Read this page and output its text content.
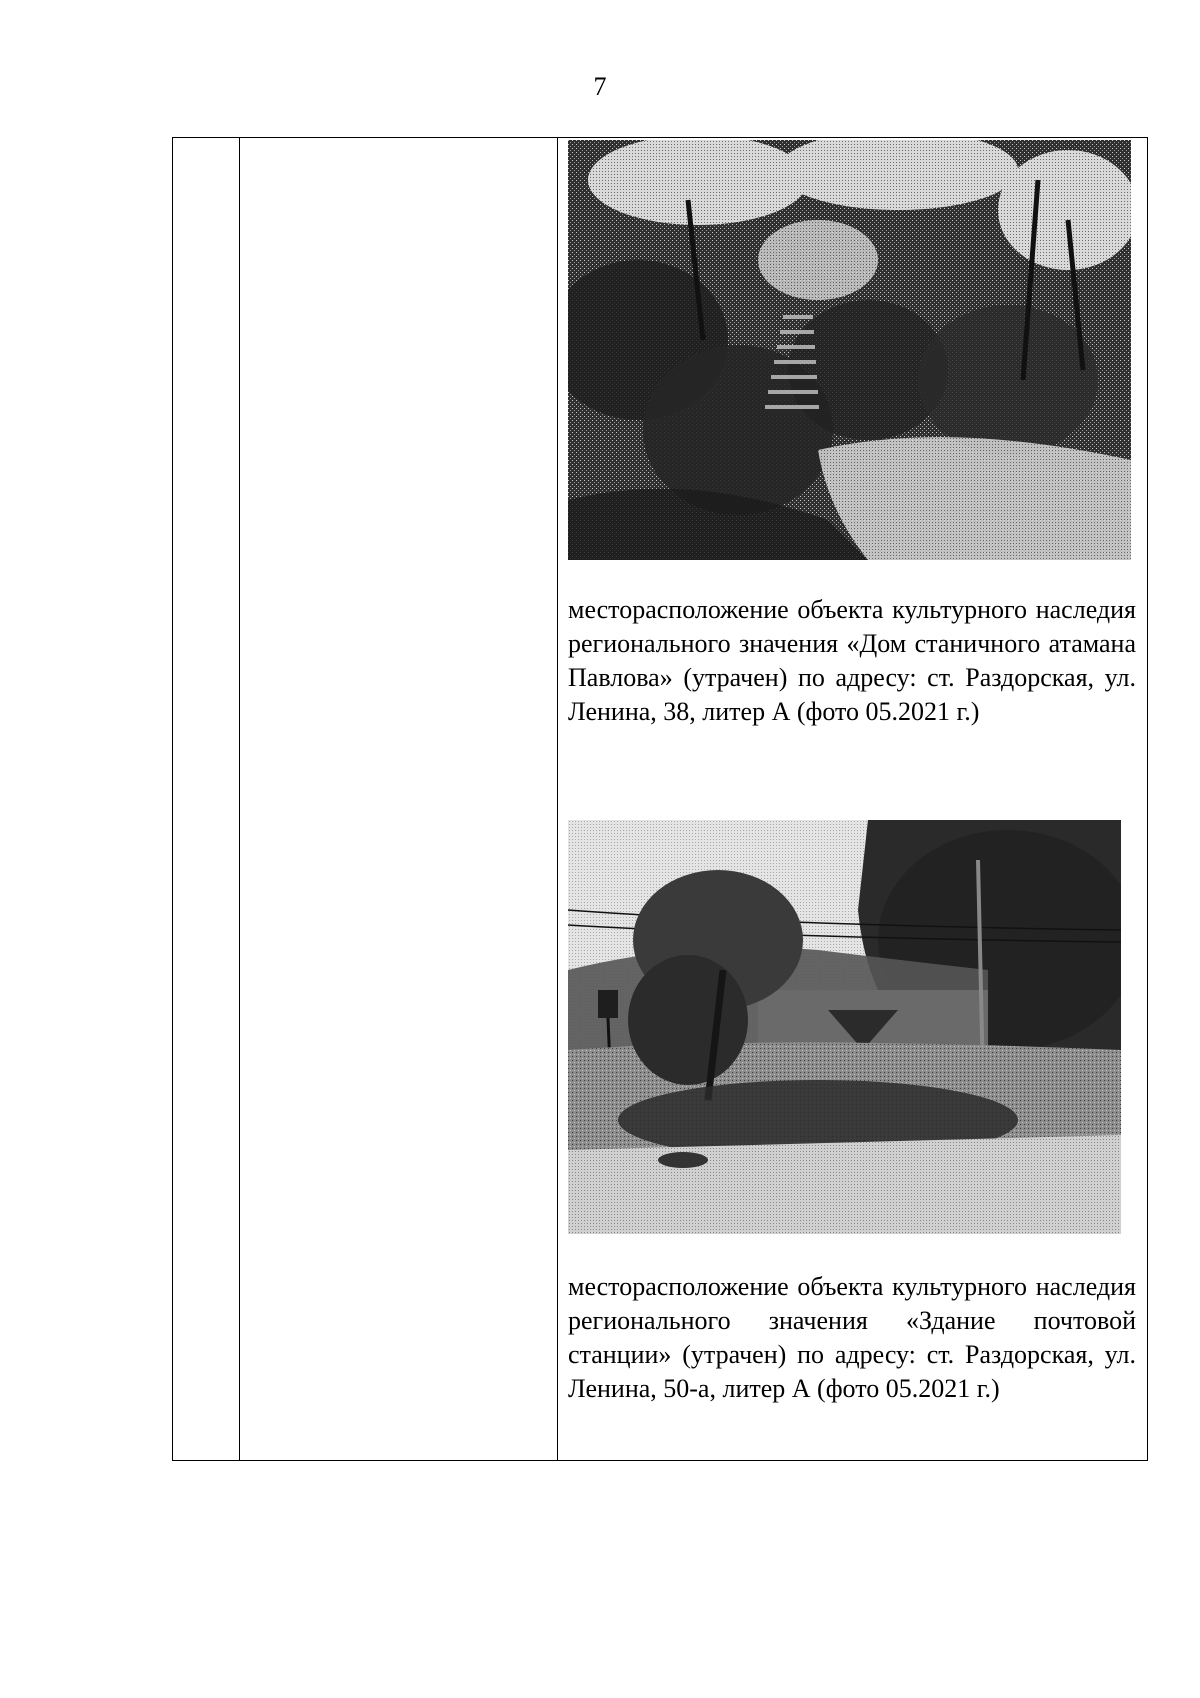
7
месторасположение объекта культурного наследия регионального значения «Дом станичного атамана Павлова» (утрачен) по адресу: ст. Раздорская, ул. Ленина, 38, литер А (фото 05.2021 г.)
месторасположение объекта культурного наследия регионального значения «Здание почтовой станции» (утрачен) по адресу: ст. Раздорская, ул. Ленина, 50-а, литер А (фото 05.2021 г.)
